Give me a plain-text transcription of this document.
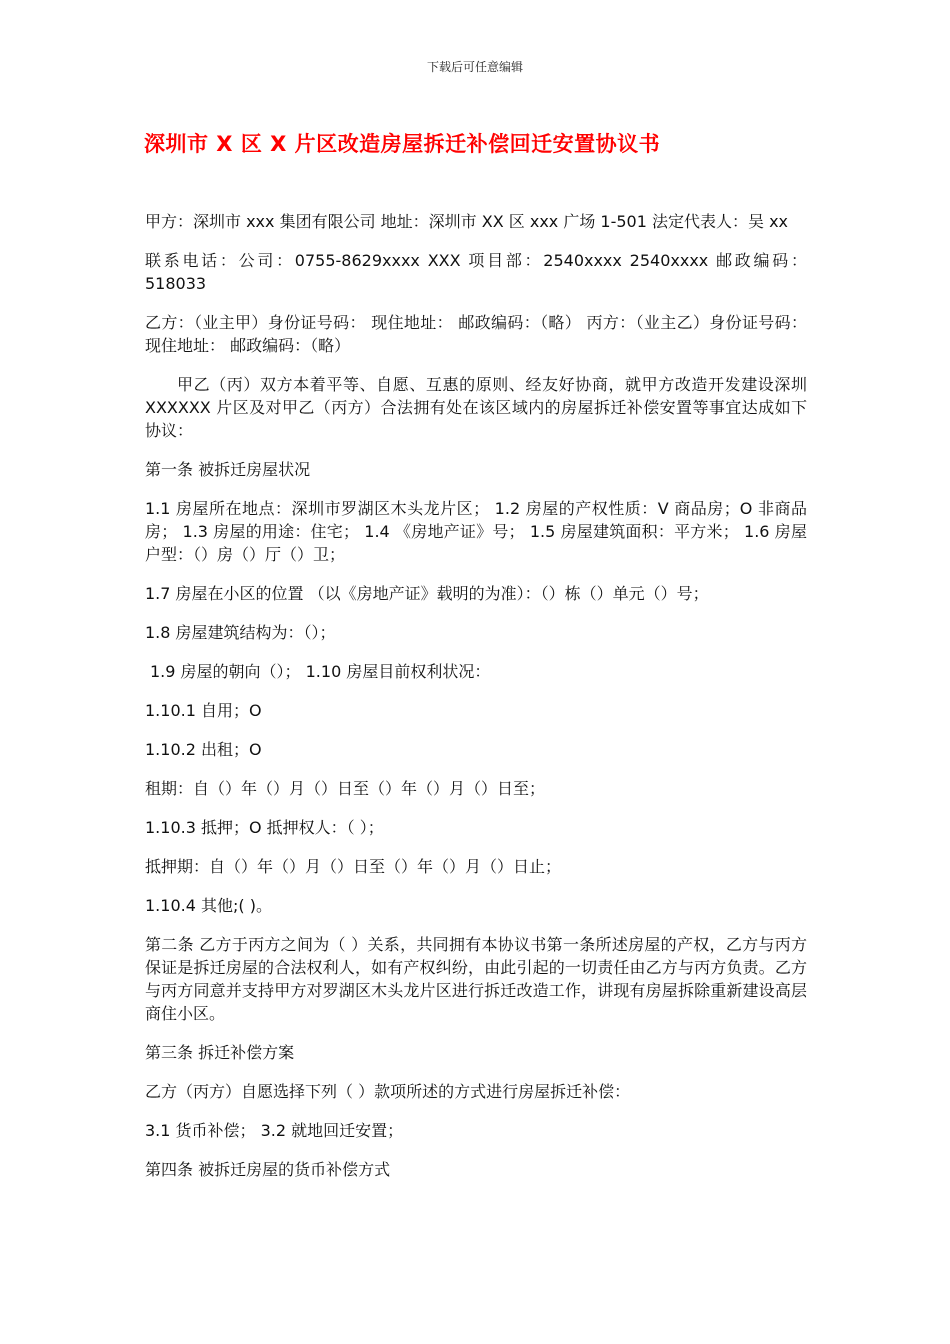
下载后可任意编辑
深圳市 X 区 X 片区改造房屋拆迁补偿回迁安置协议书

甲方：深圳市 xxx 集团有限公司 地址：深圳市 XX 区 xxx 广场 1-501 法定代表人：吴 xx

联系电话：公司：0755-8629xxxx XXX 项目部：2540xxxx 2540xxxx 邮政编码：518033

乙方：（业主甲）身份证号码： 现住地址： 邮政编码：（略） 丙方：（业主乙）身份证号码： 现住地址： 邮政编码：（略）

甲乙（丙）双方本着平等、自愿、互惠的原则、经友好协商，就甲方改造开发建设深圳 XXXXXX 片区及对甲乙（丙方）合法拥有处在该区域内的房屋拆迁补偿安置等事宜达成如下协议：

第一条 被拆迁房屋状况

1.1 房屋所在地点：深圳市罗湖区木头龙片区； 1.2 房屋的产权性质：V 商品房；O 非商品房； 1.3 房屋的用途：住宅； 1.4 《房地产证》号； 1.5 房屋建筑面积：平方米； 1.6 房屋户型：（）房（）厅（）卫；

1.7 房屋在小区的位置 （以《房地产证》载明的为准）：（）栋（）单元（）号；

1.8 房屋建筑结构为：（）；

1.9 房屋的朝向（）； 1.10 房屋目前权利状况：

1.10.1 自用；O

1.10.2 出租；O

租期：自（）年（）月（）日至（）年（）月（）日至；

1.10.3 抵押；O 抵押权人：（ ）；

抵押期：自（）年（）月（）日至（）年（）月（）日止；

1.10.4 其他;( )。

第二条 乙方于丙方之间为（ ）关系，共同拥有本协议书第一条所述房屋的产权，乙方与丙方保证是拆迁房屋的合法权利人，如有产权纠纷，由此引起的一切责任由乙方与丙方负责。乙方与丙方同意并支持甲方对罗湖区木头龙片区进行拆迁改造工作，讲现有房屋拆除重新建设高层商住小区。

第三条 拆迁补偿方案

乙方（丙方）自愿选择下列（ ）款项所述的方式进行房屋拆迁补偿：

3.1 货币补偿； 3.2 就地回迁安置；

第四条 被拆迁房屋的货币补偿方式
